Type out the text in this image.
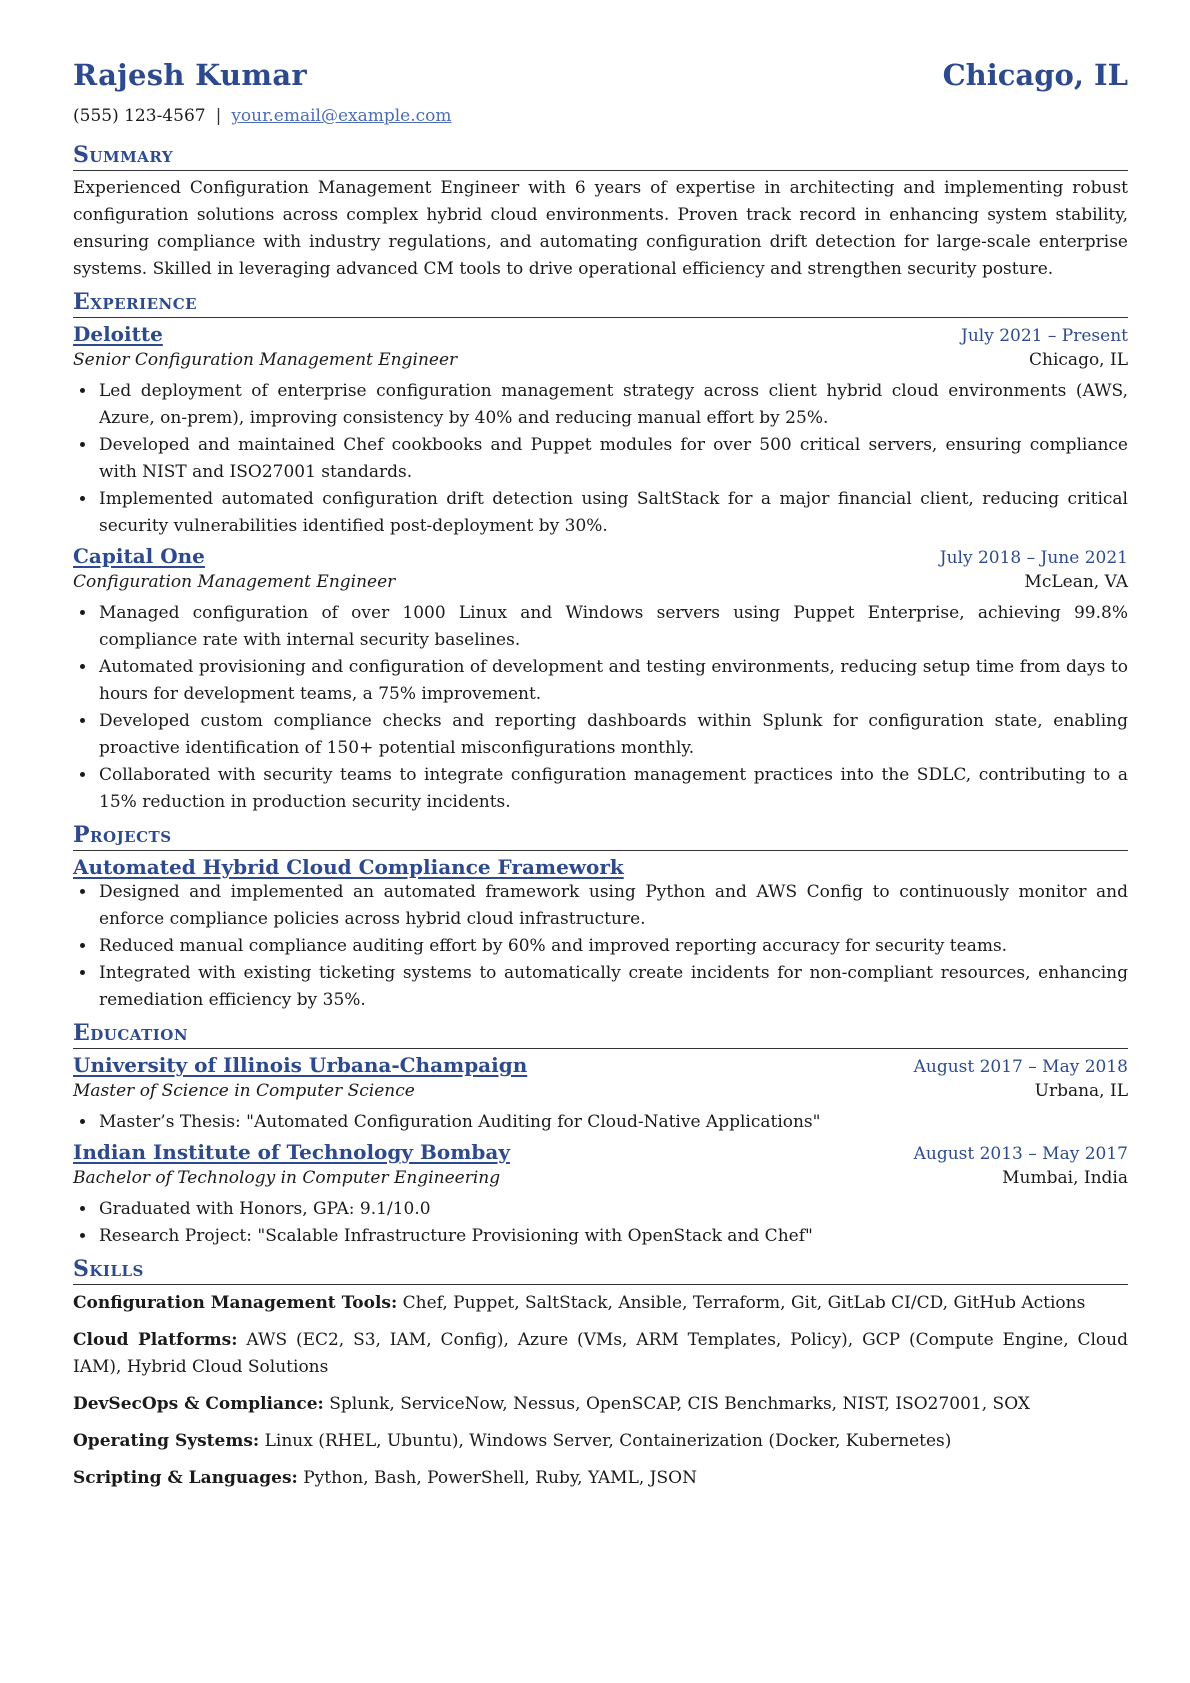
Rajesh Kumar	Chicago, IL
(555) 123-4567 | your.email@example.com
Summary

Experienced Configuration Management Engineer with 6 years of expertise in architecting and implementing robust configuration solutions across complex hybrid cloud environments. Proven track record in enhancing system stability, ensuring compliance with industry regulations, and automating configuration drift detection for large-scale enterprise systems. Skilled in leveraging advanced CM tools to drive operational efficiency and strengthen security posture.

Experience
Deloitte	July 2021 – Present
Senior Configuration Management Engineer	Chicago, IL
• Led deployment of enterprise configuration management strategy across client hybrid cloud environments (AWS, Azure, on-prem), improving consistency by 40% and reducing manual effort by 25%.
• Developed and maintained Chef cookbooks and Puppet modules for over 500 critical servers, ensuring compliance with NIST and ISO27001 standards.
• Implemented automated configuration drift detection using SaltStack for a major financial client, reducing critical security vulnerabilities identified post-deployment by 30%.
Capital One	July 2018 – June 2021
Configuration Management Engineer	McLean, VA
• Managed configuration of over 1000 Linux and Windows servers using Puppet Enterprise, achieving 99.8% compliance rate with internal security baselines.
• Automated provisioning and configuration of development and testing environments, reducing setup time from days to hours for development teams, a 75% improvement.
• Developed custom compliance checks and reporting dashboards within Splunk for configuration state, enabling proactive identification of 150+ potential misconfigurations monthly.
• Collaborated with security teams to integrate configuration management practices into the SDLC, contributing to a 15% reduction in production security incidents.
Projects
Automated Hybrid Cloud Compliance Framework
• Designed and implemented an automated framework using Python and AWS Config to continuously monitor and enforce compliance policies across hybrid cloud infrastructure.
• Reduced manual compliance auditing effort by 60% and improved reporting accuracy for security teams.
• Integrated with existing ticketing systems to automatically create incidents for non-compliant resources, enhancing remediation efficiency by 35%.
Education
University of Illinois Urbana-Champaign	August 2017 – May 2018
Master of Science in Computer Science	Urbana, IL
• Master’s Thesis: "Automated Configuration Auditing for Cloud-Native Applications"
Indian Institute of Technology Bombay	August 2013 – May 2017
Bachelor of Technology in Computer Engineering	Mumbai, India
• Graduated with Honors, GPA: 9.1/10.0
• Research Project: "Scalable Infrastructure Provisioning with OpenStack and Chef"
Skills

Configuration Management Tools: Chef, Puppet, SaltStack, Ansible, Terraform, Git, GitLab CI/CD, GitHub Actions

Cloud Platforms: AWS (EC2, S3, IAM, Config), Azure (VMs, ARM Templates, Policy), GCP (Compute Engine, Cloud IAM), Hybrid Cloud Solutions

DevSecOps & Compliance: Splunk, ServiceNow, Nessus, OpenSCAP, CIS Benchmarks, NIST, ISO27001, SOX

Operating Systems: Linux (RHEL, Ubuntu), Windows Server, Containerization (Docker, Kubernetes)

Scripting & Languages: Python, Bash, PowerShell, Ruby, YAML, JSON
